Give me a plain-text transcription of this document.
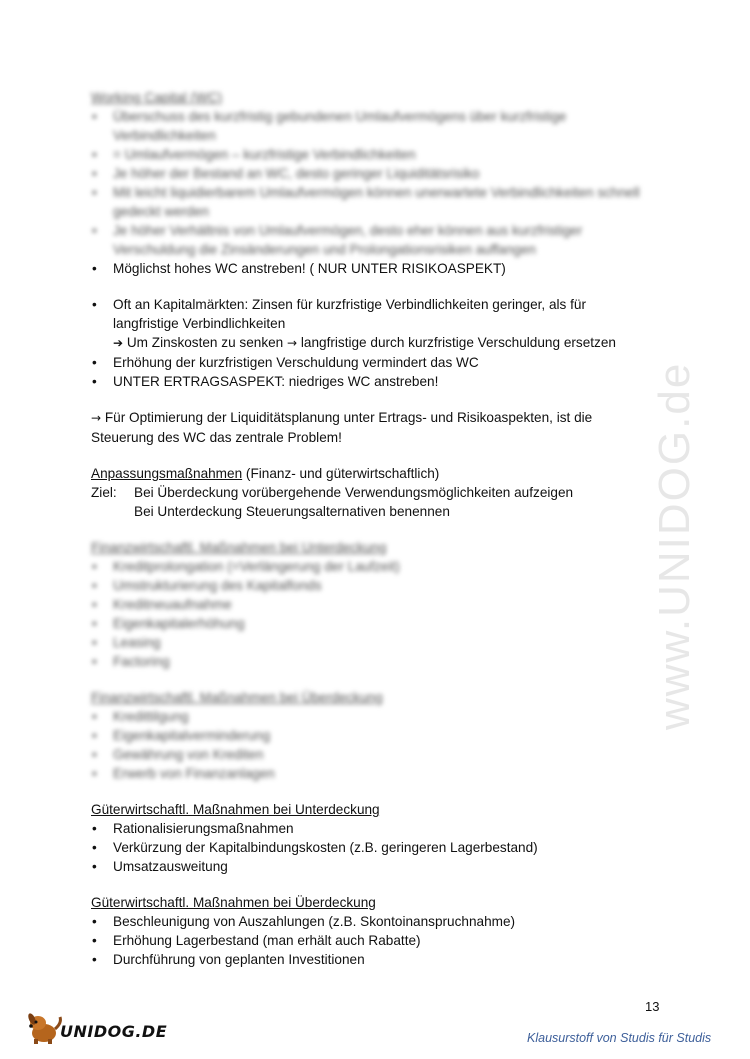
www.UNIDOG.de

Working Capital (WC)

• Überschuss des kurzfristig gebundenen Umlaufvermögens über kurzfristige Verbindlichkeiten
• = Umlaufvermögen – kurzfristige Verbindlichkeiten
• Je höher der Bestand an WC, desto geringer Liquiditätsrisiko
• Mit leicht liquidierbarem Umlaufvermögen können unerwartete Verbindlichkeiten schnell gedeckt werden
• Je höher Verhältnis von Umlaufvermögen, desto eher können aus kurzfristiger Verschuldung die Zinsänderungen und Prolongationsrisiken auffangen
• Möglichst hohes WC anstreben! ( NUR UNTER RISIKOASPEKT)
• Oft an Kapitalmärkten: Zinsen für kurzfristige Verbindlichkeiten geringer, als für
langfristige Verbindlichkeiten
➔ Um Zinskosten zu senken → langfristige durch kurzfristige Verschuldung ersetzen
• Erhöhung der kurzfristigen Verschuldung vermindert das WC
• UNTER ERTRAGSASPEKT: niedriges WC anstreben!

→ Für Optimierung der Liquiditätsplanung unter Ertrags- und Risikoaspekten, ist die
Steuerung des WC das zentrale Problem!

Anpassungsmaßnahmen (Finanz- und güterwirtschaftlich)

Ziel:	Bei Überdeckung vorübergehende Verwendungsmöglichkeiten aufzeigen
Bei Unterdeckung Steuerungsalternativen benennen

Finanzwirtschaftl. Maßnahmen bei Unterdeckung

• Kreditprolongation (=Verlängerung der Laufzeit)
• Umstrukturierung des Kapitalfonds
• Kreditneuaufnahme
• Eigenkapitalerhöhung
• Leasing
• Factoring

Finanzwirtschaftl. Maßnahmen bei Überdeckung

• Kredittilgung
• Eigenkapitalverminderung
• Gewährung von Krediten
• Erwerb von Finanzanlagen

Güterwirtschaftl. Maßnahmen bei Unterdeckung

• Rationalisierungsmaßnahmen
• Verkürzung der Kapitalbindungskosten (z.B. geringeren Lagerbestand)
• Umsatzausweitung

Güterwirtschaftl. Maßnahmen bei Überdeckung

• Beschleunigung von Auszahlungen (z.B. Skontoinanspruchnahme)
• Erhöhung Lagerbestand (man erhält auch Rabatte)
• Durchführung von geplanten Investitionen
13
UNIDOG.DE	Klausurstoff von Studis für Studis
